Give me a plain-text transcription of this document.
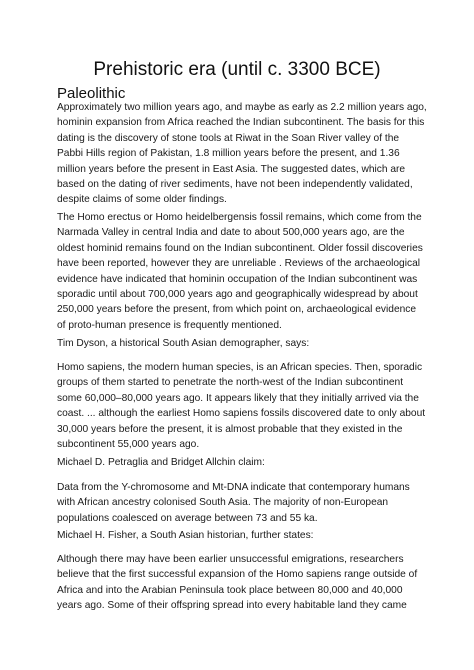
Prehistoric era (until c. 3300 BCE)
Paleolithic

Approximately two million years ago, and maybe as early as 2.2 million years ago, hominin expansion from Africa reached the Indian subcontinent. The basis for this dating is the discovery of stone tools at Riwat in the Soan River valley of the Pabbi Hills region of Pakistan, 1.8 million years before the present, and 1.36 million years before the present in East Asia. The suggested dates, which are based on the dating of river sediments, have not been independently validated, despite claims of some older findings.

The Homo erectus or Homo heidelbergensis fossil remains, which come from the Narmada Valley in central India and date to about 500,000 years ago, are the oldest hominid remains found on the Indian subcontinent. Older fossil discoveries have been reported, however they are unreliable . Reviews of the archaeological evidence have indicated that hominin occupation of the Indian subcontinent was sporadic until about 700,000 years ago and geographically widespread by about 250,000 years before the present, from which point on, archaeological evidence of proto-human presence is frequently mentioned.

Tim Dyson, a historical South Asian demographer, says:

Homo sapiens, the modern human species, is an African species. Then, sporadic groups of them started to penetrate the north-west of the Indian subcontinent some 60,000–80,000 years ago. It appears likely that they initially arrived via the coast. ... although the earliest Homo sapiens fossils discovered date to only about 30,000 years before the present, it is almost probable that they existed in the subcontinent 55,000 years ago.

Michael D. Petraglia and Bridget Allchin claim:

Data from the Y-chromosome and Mt-DNA indicate that contemporary humans with African ancestry colonised South Asia. The majority of non-European populations coalesced on average between 73 and 55 ka.

Michael H. Fisher, a South Asian historian, further states:

Although there may have been earlier unsuccessful emigrations, researchers believe that the first successful expansion of the Homo sapiens range outside of Africa and into the Arabian Peninsula took place between 80,000 and 40,000 years ago. Some of their offspring spread into every habitable land they came
